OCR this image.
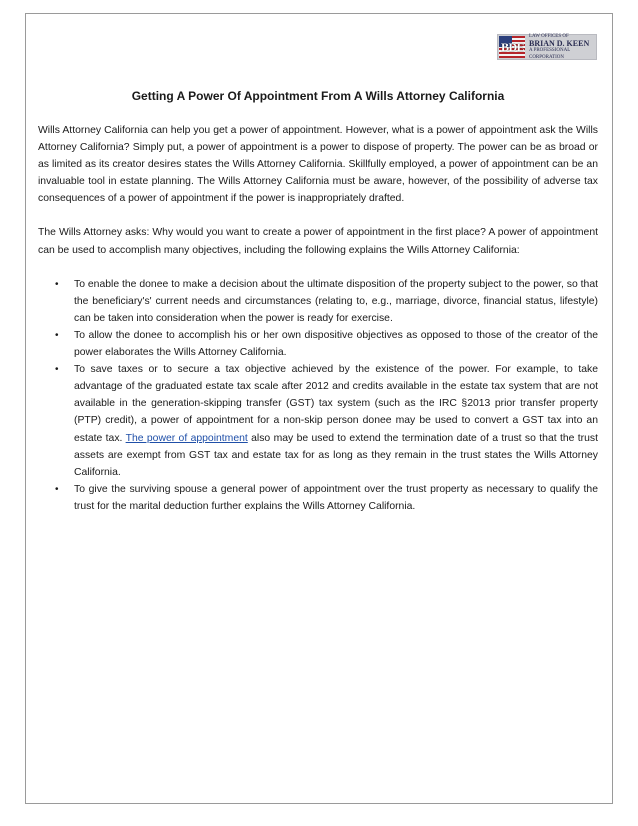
BDE
LAW OFFICES OF
BRIAN D. KEEN
A PROFESSIONAL CORPORATION
Getting A Power Of Appointment From A Wills Attorney California

Wills Attorney California can help you get a power of appointment. However, what is a power of appointment ask the Wills Attorney California? Simply put, a power of appointment is a power to dispose of property. The power can be as broad or as limited as its creator desires states the Wills Attorney California. Skillfully employed, a power of appointment can be an invaluable tool in estate planning. The Wills Attorney California must be aware, however, of the possibility of adverse tax consequences of a power of appointment if the power is inappropriately drafted.

The Wills Attorney asks: Why would you want to create a power of appointment in the first place? A power of appointment can be used to accomplish many objectives, including the following explains the Wills Attorney California:

• To enable the donee to make a decision about the ultimate disposition of the property subject to the power, so that the beneficiary's' current needs and circumstances (relating to, e.g., marriage, divorce, financial status, lifestyle) can be taken into consideration when the power is ready for exercise.
• To allow the donee to accomplish his or her own dispositive objectives as opposed to those of the creator of the power elaborates the Wills Attorney California.
• To save taxes or to secure a tax objective achieved by the existence of the power. For example, to take advantage of the graduated estate tax scale after 2012 and credits available in the estate tax system that are not available in the generation-skipping transfer (GST) tax system (such as the IRC §2013 prior transfer property (PTP) credit), a power of appointment for a non-skip person donee may be used to convert a GST tax into an estate tax. The power of appointment also may be used to extend the termination date of a trust so that the trust assets are exempt from GST tax and estate tax for as long as they remain in the trust states the Wills Attorney California.
• To give the surviving spouse a general power of appointment over the trust property as necessary to qualify the trust for the marital deduction further explains the Wills Attorney California.
